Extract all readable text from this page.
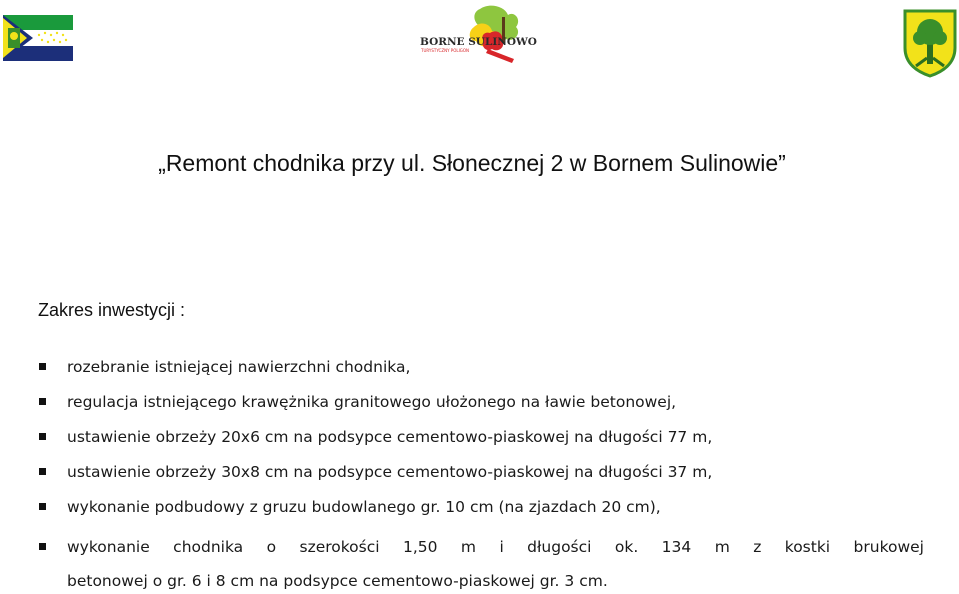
BORNE SULINOWO
TURYSTYCZNY POLIGON
„Remont chodnika przy ul. Słonecznej 2 w Bornem Sulinowie”
Zakres inwestycji :
rozebranie istniejącej nawierzchni chodnika,
regulacja istniejącego krawężnika granitowego ułożonego na ławie betonowej,
ustawienie obrzeży 20x6 cm na podsypce cementowo-piaskowej na długości 77 m,
ustawienie obrzeży 30x8 cm na podsypce cementowo-piaskowej na długości 37 m,
wykonanie podbudowy z gruzu budowlanego gr. 10 cm (na zjazdach 20 cm),
wykonanie chodnika o szerokości 1,50 m i długości ok. 134 m z kostki brukowej
betonowej o gr. 6 i 8 cm na podsypce cementowo-piaskowej gr. 3 cm.
